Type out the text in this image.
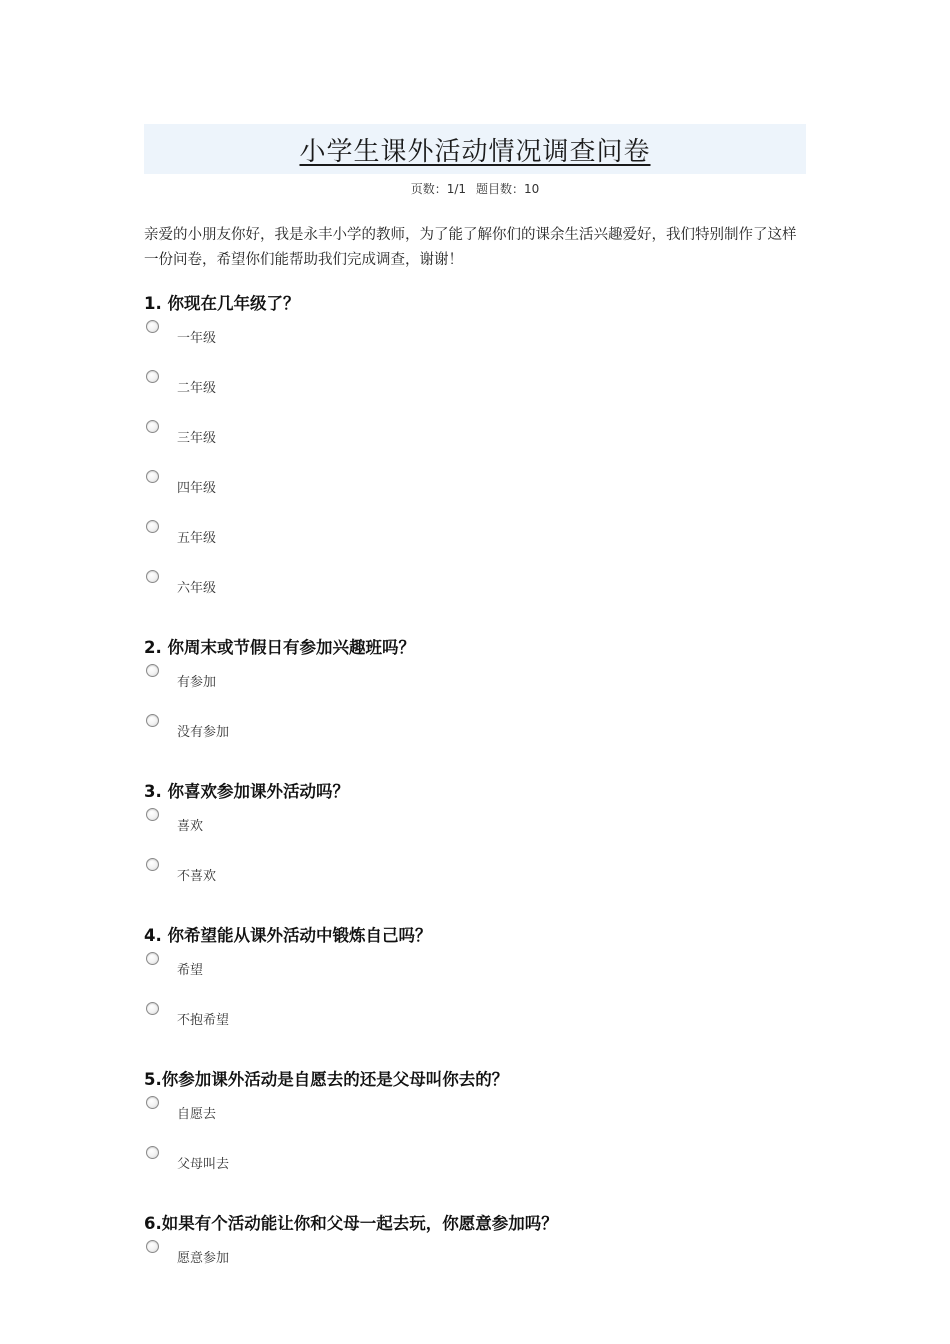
小学生课外活动情况调查问卷
页数：1/1 题目数：10
亲爱的小朋友你好，我是永丰小学的教师，为了能了解你们的课余生活兴趣爱好，我们特别制作了这样一份问卷，希望你们能帮助我们完成调查，谢谢！
1. 你现在几年级了？
一年级
二年级
三年级
四年级
五年级
六年级
2. 你周末或节假日有参加兴趣班吗？
有参加
没有参加
3. 你喜欢参加课外活动吗？
喜欢
不喜欢
4. 你希望能从课外活动中锻炼自己吗？
希望
不抱希望
5.你参加课外活动是自愿去的还是父母叫你去的？
自愿去
父母叫去
6.如果有个活动能让你和父母一起去玩，你愿意参加吗？
愿意参加
